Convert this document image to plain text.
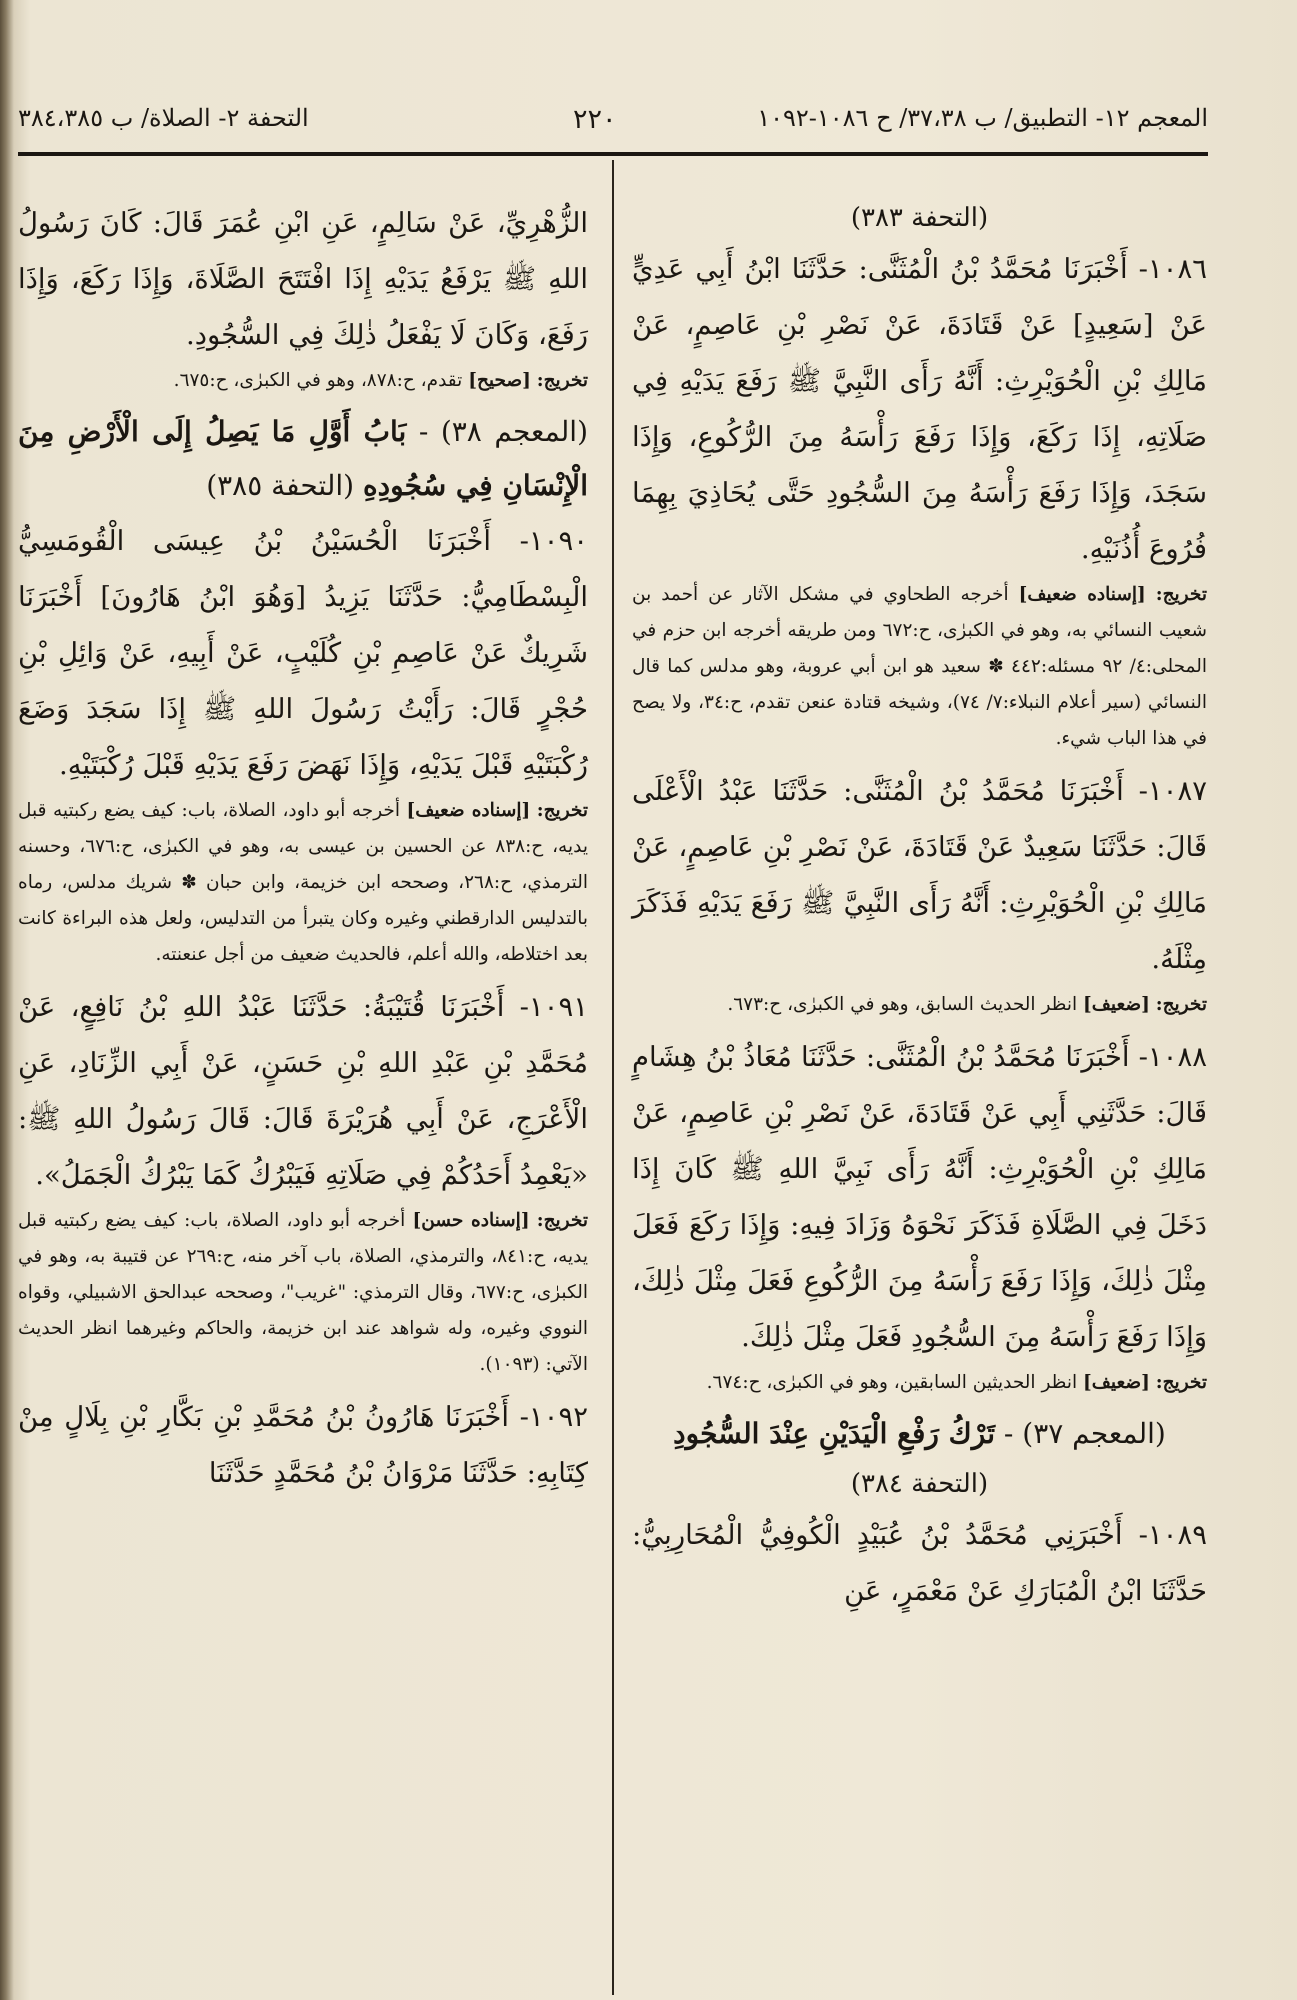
المعجم ١٢- التطبيق/ ب ٣٧،٣٨/ ح ١٠٨٦-١٠٩٢
٢٢٠
التحفة ٢- الصلاة/ ب ٣٨٤،٣٨٥

(التحفة ٣٨٣)

١٠٨٦- أَخْبَرَنَا مُحَمَّدُ بْنُ الْمُثَنَّى: حَدَّثَنَا ابْنُ أَبِي عَدِيٍّ عَنْ [سَعِيدٍ] عَنْ قَتَادَةَ، عَنْ نَصْرِ بْنِ عَاصِمٍ، عَنْ مَالِكِ بْنِ الْحُوَيْرِثِ: أَنَّهُ رَأَى النَّبِيَّ ﷺ رَفَعَ يَدَيْهِ فِي صَلَاتِهِ، إِذَا رَكَعَ، وَإِذَا رَفَعَ رَأْسَهُ مِنَ الرُّكُوعِ، وَإِذَا سَجَدَ، وَإِذَا رَفَعَ رَأْسَهُ مِنَ السُّجُودِ حَتَّى يُحَاذِيَ بِهِمَا فُرُوعَ أُذُنَيْهِ.

تخريج: [إسناده ضعيف] أخرجه الطحاوي في مشكل الآثار عن أحمد بن شعيب النسائي به، وهو في الكبرٰى، ح:٦٧٢ ومن طريقه أخرجه ابن حزم في المحلى:٤/ ٩٢ مسئله:٤٤٢ ✽ سعيد هو ابن أبي عروبة، وهو مدلس كما قال النسائي (سير أعلام النبلاء:٧/ ٧٤)، وشيخه قتادة عنعن تقدم، ح:٣٤، ولا يصح في هذا الباب شيء.

١٠٨٧- أَخْبَرَنَا مُحَمَّدُ بْنُ الْمُثَنَّى: حَدَّثَنَا عَبْدُ الْأَعْلَى قَالَ: حَدَّثَنَا سَعِيدٌ عَنْ قَتَادَةَ، عَنْ نَصْرِ بْنِ عَاصِمٍ، عَنْ مَالِكِ بْنِ الْحُوَيْرِثِ: أَنَّهُ رَأَى النَّبِيَّ ﷺ رَفَعَ يَدَيْهِ فَذَكَرَ مِثْلَهُ.

تخريج: [ضعيف] انظر الحديث السابق، وهو في الكبرٰى، ح:٦٧٣.

١٠٨٨- أَخْبَرَنَا مُحَمَّدُ بْنُ الْمُثَنَّى: حَدَّثَنَا مُعَاذُ بْنُ هِشَامٍ قَالَ: حَدَّثَنِي أَبِي عَنْ قَتَادَةَ، عَنْ نَصْرِ بْنِ عَاصِمٍ، عَنْ مَالِكِ بْنِ الْحُوَيْرِثِ: أَنَّهُ رَأَى نَبِيَّ اللهِ ﷺ كَانَ إِذَا دَخَلَ فِي الصَّلَاةِ فَذَكَرَ نَحْوَهُ وَزَادَ فِيهِ: وَإِذَا رَكَعَ فَعَلَ مِثْلَ ذٰلِكَ، وَإِذَا رَفَعَ رَأْسَهُ مِنَ الرُّكُوعِ فَعَلَ مِثْلَ ذٰلِكَ، وَإِذَا رَفَعَ رَأْسَهُ مِنَ السُّجُودِ فَعَلَ مِثْلَ ذٰلِكَ.

تخريج: [ضعيف] انظر الحديثين السابقين، وهو في الكبرٰى، ح:٦٧٤.

(المعجم ٣٧) - تَرْكُ رَفْعِ الْيَدَيْنِ عِنْدَ السُّجُودِ

(التحفة ٣٨٤)

١٠٨٩- أَخْبَرَنِي مُحَمَّدُ بْنُ عُبَيْدٍ الْكُوفِيُّ الْمُحَارِبِيُّ: حَدَّثَنَا ابْنُ الْمُبَارَكِ عَنْ مَعْمَرٍ، عَنِ

الزُّهْرِيِّ، عَنْ سَالِمٍ، عَنِ ابْنِ عُمَرَ قَالَ: كَانَ رَسُولُ اللهِ ﷺ يَرْفَعُ يَدَيْهِ إِذَا افْتَتَحَ الصَّلَاةَ، وَإِذَا رَكَعَ، وَإِذَا رَفَعَ، وَكَانَ لَا يَفْعَلُ ذٰلِكَ فِي السُّجُودِ.

تخريج: [صحيح] تقدم، ح:٨٧٨، وهو في الكبرٰى، ح:٦٧٥.

(المعجم ٣٨) - بَابُ أَوَّلِ مَا يَصِلُ إِلَى الْأَرْضِ مِنَ الْإِنْسَانِ فِي سُجُودِهِ (التحفة ٣٨٥)

١٠٩٠- أَخْبَرَنَا الْحُسَيْنُ بْنُ عِيسَى الْقُومَسِيُّ الْبِسْطَامِيُّ: حَدَّثَنَا يَزِيدُ [وَهُوَ ابْنُ هَارُونَ] أَخْبَرَنَا شَرِيكٌ عَنْ عَاصِمِ بْنِ كُلَيْبٍ، عَنْ أَبِيهِ، عَنْ وَائِلِ بْنِ حُجْرٍ قَالَ: رَأَيْتُ رَسُولَ اللهِ ﷺ إِذَا سَجَدَ وَضَعَ رُكْبَتَيْهِ قَبْلَ يَدَيْهِ، وَإِذَا نَهَضَ رَفَعَ يَدَيْهِ قَبْلَ رُكْبَتَيْهِ.

تخريج: [إسناده ضعيف] أخرجه أبو داود، الصلاة، باب: كيف يضع ركبتيه قبل يديه، ح:٨٣٨ عن الحسين بن عيسى به، وهو في الكبرٰى، ح:٦٧٦، وحسنه الترمذي، ح:٢٦٨، وصححه ابن خزيمة، وابن حبان ✽ شريك مدلس، رماه بالتدليس الدارقطني وغيره وكان يتبرأ من التدليس، ولعل هذه البراءة كانت بعد اختلاطه، والله أعلم، فالحديث ضعيف من أجل عنعنته.

١٠٩١- أَخْبَرَنَا قُتَيْبَةُ: حَدَّثَنَا عَبْدُ اللهِ بْنُ نَافِعٍ، عَنْ مُحَمَّدِ بْنِ عَبْدِ اللهِ بْنِ حَسَنٍ، عَنْ أَبِي الزِّنَادِ، عَنِ الْأَعْرَجِ، عَنْ أَبِي هُرَيْرَةَ قَالَ: قَالَ رَسُولُ اللهِ ﷺ: «يَعْمِدُ أَحَدُكُمْ فِي صَلَاتِهِ فَيَبْرُكُ كَمَا يَبْرُكُ الْجَمَلُ».

تخريج: [إسناده حسن] أخرجه أبو داود، الصلاة، باب: كيف يضع ركبتيه قبل يديه، ح:٨٤١، والترمذي، الصلاة، باب آخر منه، ح:٢٦٩ عن قتيبة به، وهو في الكبرٰى، ح:٦٧٧، وقال الترمذي: "غريب"، وصححه عبدالحق الاشبيلي، وقواه النووي وغيره، وله شواهد عند ابن خزيمة، والحاكم وغيرهما انظر الحديث الآتي: (١٠٩٣).

١٠٩٢- أَخْبَرَنَا هَارُونُ بْنُ مُحَمَّدِ بْنِ بَكَّارِ بْنِ بِلَالٍ مِنْ كِتَابِهِ: حَدَّثَنَا مَرْوَانُ بْنُ مُحَمَّدٍ حَدَّثَنَا
